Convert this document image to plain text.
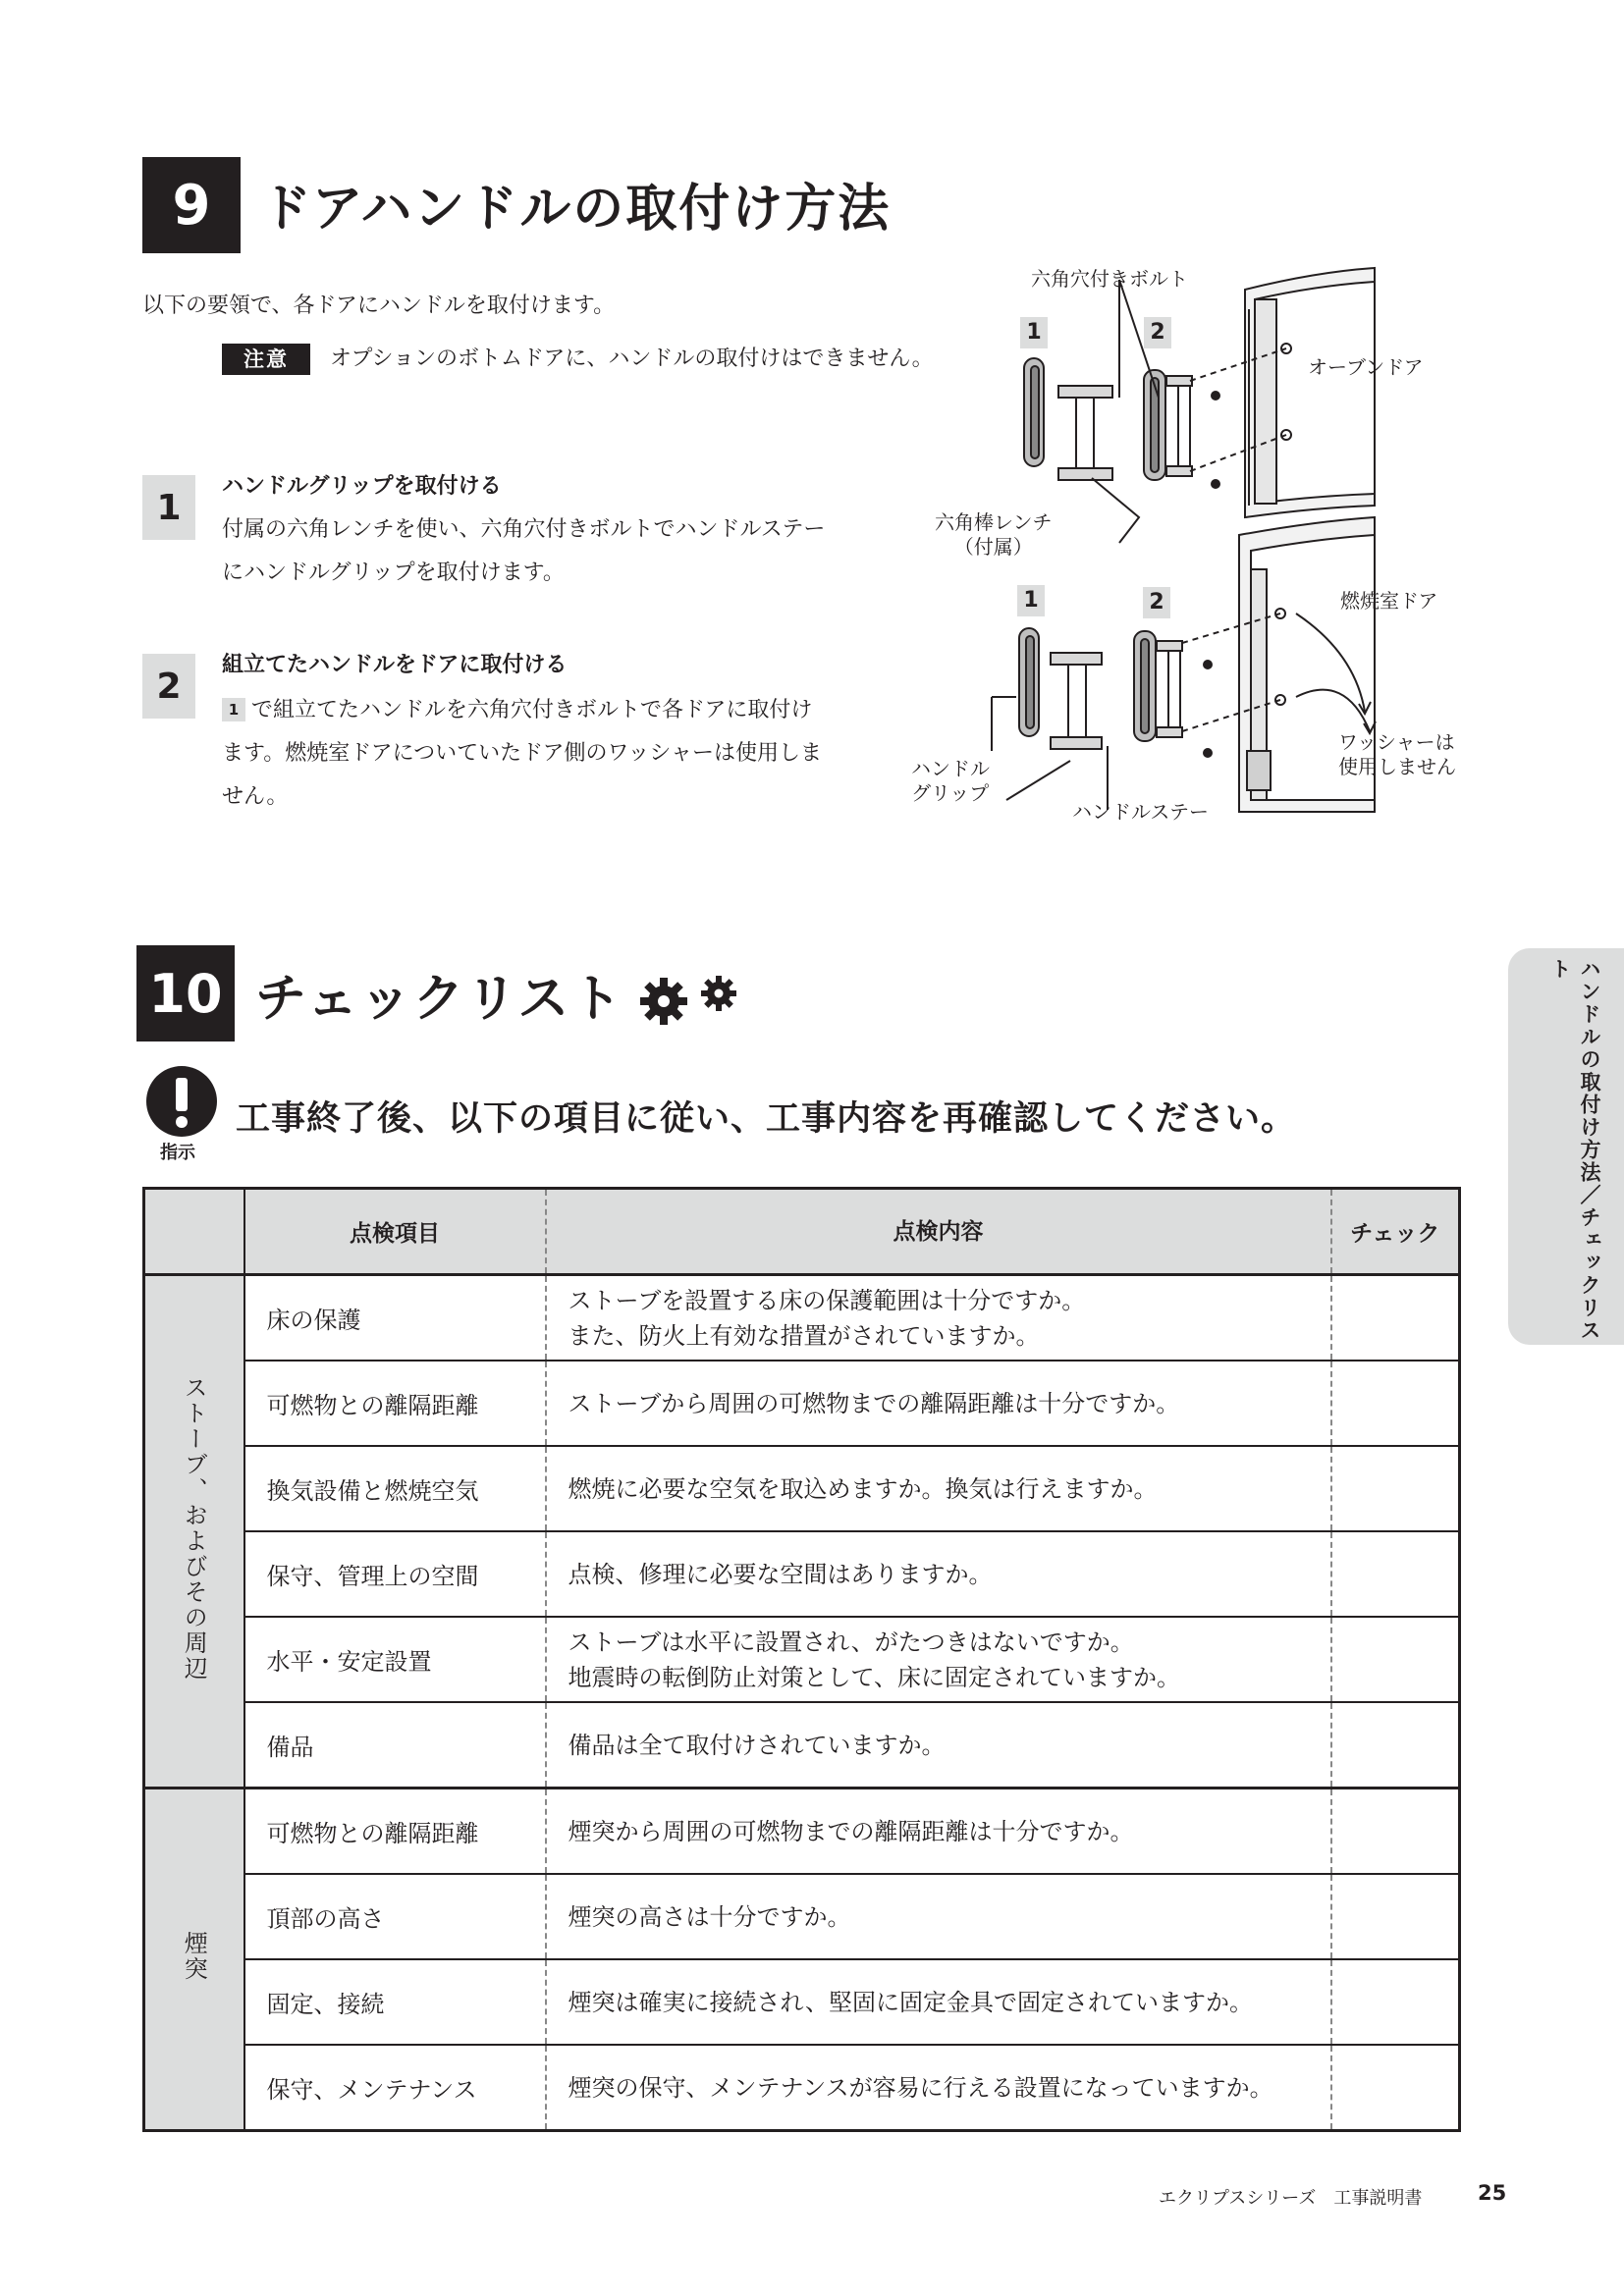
9 ドアハンドルの取付け方法
以下の要領で、各ドアにハンドルを取付けます。
注意	オプションのボトムドアに、ハンドルの取付けはできません。
1
ハンドルグリップを取付ける
付属の六角レンチを使い、六角穴付きボルトでハンドルステー
にハンドルグリップを取付けます。
2
組立てたハンドルをドアに取付ける
1 で組立てたハンドルを六角穴付きボルトで各ドアに取付け
ます。燃焼室ドアについていたドア側のワッシャーは使用しま
せん。
1	2
1	2
六角穴付きボルト
オーブンドア
六角棒レンチ
（付属）
燃焼室ドア
ワッシャーは
使用しません
ハンドル
グリップ
ハンドルステー
10 チェックリスト
指示
工事終了後、以下の項目に従い、工事内容を再確認してください。
	点検項目	点検内容	チェック
ストーブ、およびその周辺	床の保護	ストーブを設置する床の保護範囲は十分ですか。
また、防火上有効な措置がされていますか。	

	可燃物との離隔距離	ストーブから周囲の可燃物までの離隔距離は十分ですか。	
	換気設備と燃焼空気	燃焼に必要な空気を取込めますか。換気は行えますか。	
	保守、管理上の空間	点検、修理に必要な空間はありますか。	
	水平・安定設置	ストーブは水平に設置され、がたつきはないですか。
地震時の転倒防止対策として、床に固定されていますか。	

	備品	備品は全て取付けされていますか。	
煙突	可燃物との離隔距離	煙突から周囲の可燃物までの離隔距離は十分ですか。	
	頂部の高さ	煙突の高さは十分ですか。	
	固定、接続	煙突は確実に接続され、堅固に固定金具で固定されていますか。	
	保守、メンテナンス	煙突の保守、メンテナンスが容易に行える設置になっていますか。	
ハンドルの取付け方法／チェックリスト
エクリプスシリーズ　工事説明書	25
